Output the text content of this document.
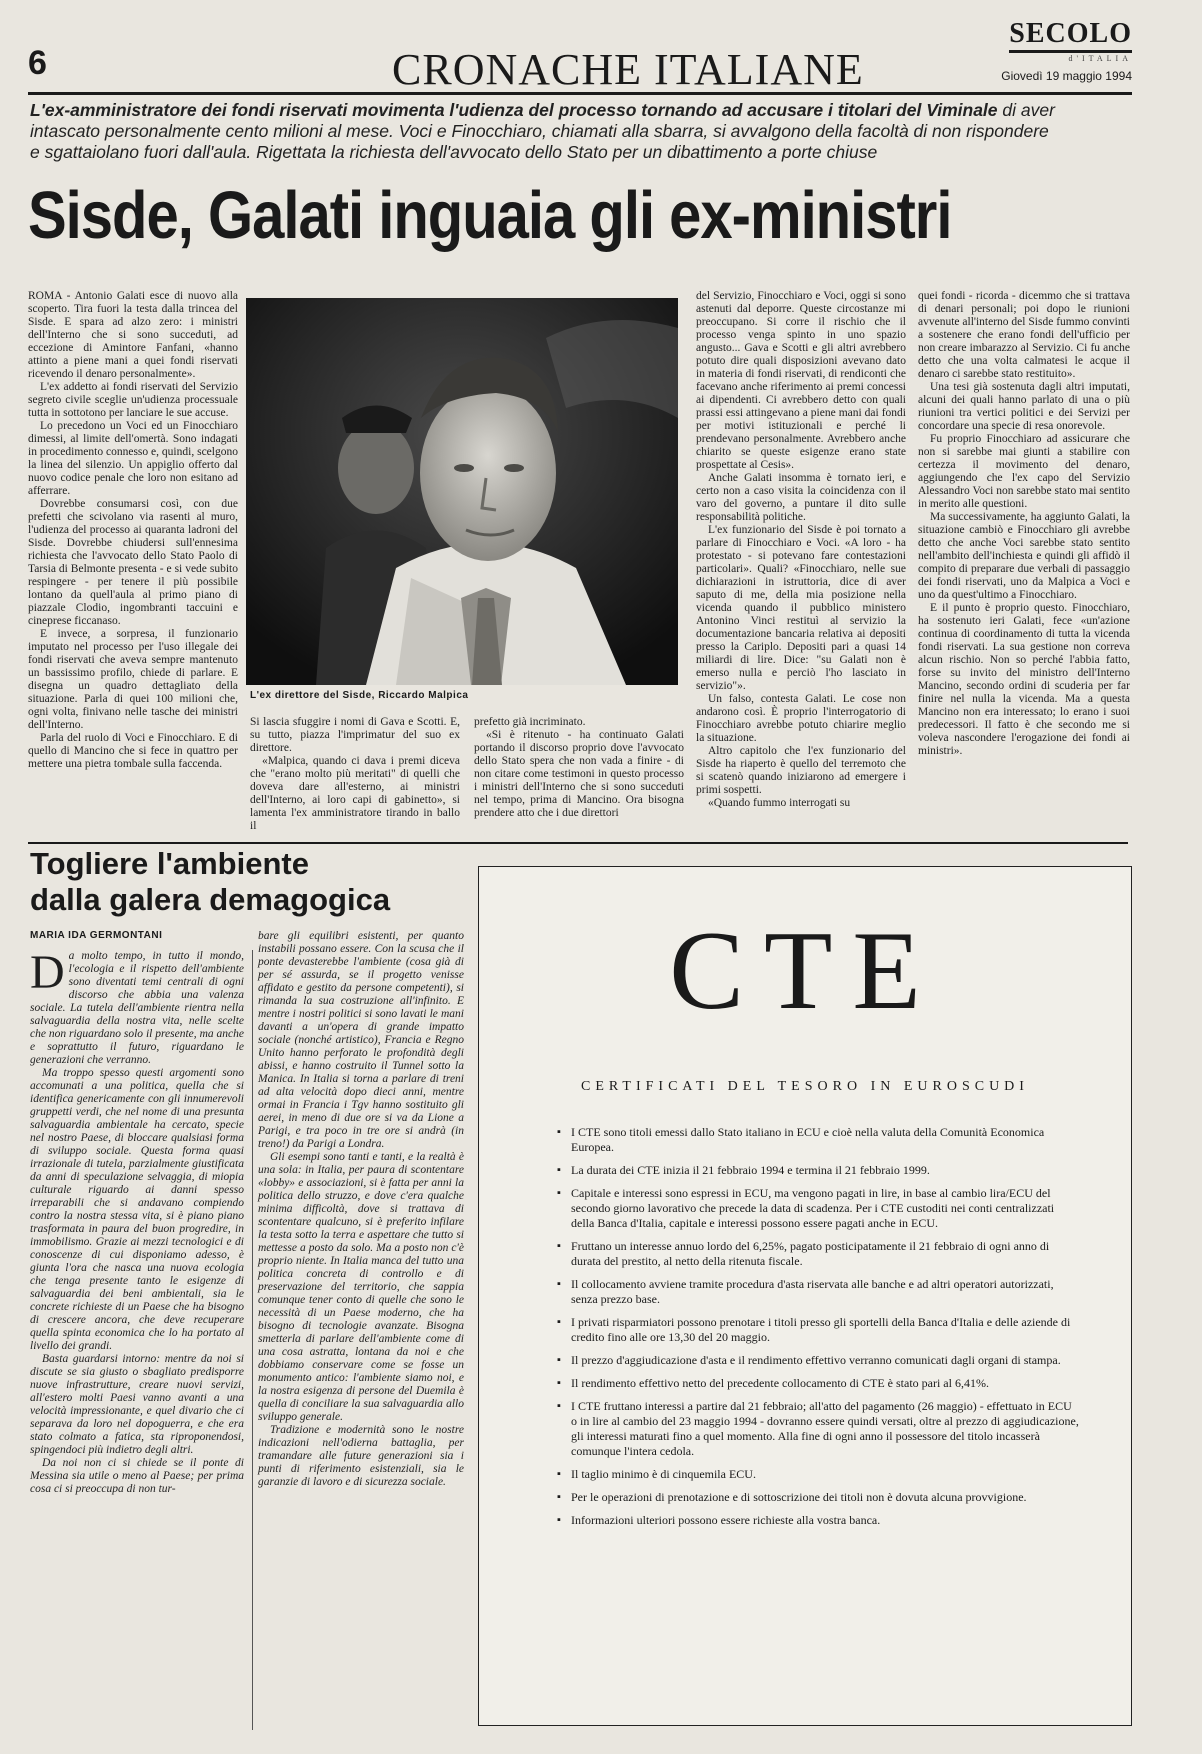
6	CRONACHE ITALIANE
SECOLO
d'ITALIA
Giovedì 19 maggio 1994
L'ex-amministratore dei fondi riservati movimenta l'udienza del processo tornando ad accusare i titolari del Viminale di aver intascato personalmente cento milioni al mese. Voci e Finocchiaro, chiamati alla sbarra, si avvalgono della facoltà di non rispondere e sgattaiolano fuori dall'aula. Rigettata la richiesta dell'avvocato dello Stato per un dibattimento a porte chiuse
Sisde, Galati inguaia gli ex-ministri

ROMA - Antonio Galati esce di nuovo alla scoperto. Tira fuori la testa dalla trincea del Sisde. E spara ad alzo zero: i ministri dell'Interno che si sono succeduti, ad eccezione di Amintore Fanfani, «hanno attinto a piene mani a quei fondi riservati ricevendo il denaro personalmente».

L'ex addetto ai fondi riservati del Servizio segreto civile sceglie un'udienza processuale tutta in sottotono per lanciare le sue accuse.

Lo precedono un Voci ed un Finocchiaro dimessi, al limite dell'omertà. Sono indagati in procedimento connesso e, quindi, scelgono la linea del silenzio. Un appiglio offerto dal nuovo codice penale che loro non esitano ad afferrare.

Dovrebbe consumarsi così, con due prefetti che scivolano via rasenti al muro, l'udienza del processo ai quaranta ladroni del Sisde. Dovrebbe chiudersi sull'ennesima richiesta che l'avvocato dello Stato Paolo di Tarsia di Belmonte presenta - e si vede subito respingere - per tenere il più possibile lontano da quell'aula al primo piano di piazzale Clodio, ingombranti taccuini e cineprese ficcanaso.

E invece, a sorpresa, il funzionario imputato nel processo per l'uso illegale dei fondi riservati che aveva sempre mantenuto un bassissimo profilo, chiede di parlare. E disegna un quadro dettagliato della situazione. Parla di quei 100 milioni che, ogni volta, finivano nelle tasche dei ministri dell'Interno.

Parla del ruolo di Voci e Finocchiaro. E di quello di Mancino che si fece in quattro per mettere una pietra tombale sulla faccenda.

L'ex direttore del Sisde, Riccardo Malpica

Si lascia sfuggire i nomi di Gava e Scotti. E, su tutto, piazza l'imprimatur del suo ex direttore.

«Malpica, quando ci dava i premi diceva che "erano molto più meritati" di quelli che doveva dare all'esterno, ai ministri dell'Interno, ai loro capi di gabinetto», si lamenta l'ex amministratore tirando in ballo il

prefetto già incriminato.

«Si è ritenuto - ha continuato Galati portando il discorso proprio dove l'avvocato dello Stato spera che non vada a finire - di non citare come testimoni in questo processo i ministri dell'Interno che si sono succeduti nel tempo, prima di Mancino. Ora bisogna prendere atto che i due direttori

del Servizio, Finocchiaro e Voci, oggi si sono astenuti dal deporre. Queste circostanze mi preoccupano. Si corre il rischio che il processo venga spinto in uno spazio angusto... Gava e Scotti e gli altri avrebbero potuto dire quali disposizioni avevano dato in materia di fondi riservati, di rendiconti che facevano anche riferimento ai premi concessi ai dipendenti. Ci avrebbero detto con quali prassi essi attingevano a piene mani dai fondi per motivi istituzionali e perché li prendevano personalmente. Avrebbero anche chiarito se queste esigenze erano state prospettate al Cesis».

Anche Galati insomma è tornato ieri, e certo non a caso visita la coincidenza con il varo del governo, a puntare il dito sulle responsabilità politiche.

L'ex funzionario del Sisde è poi tornato a parlare di Finocchiaro e Voci. «A loro - ha protestato - si potevano fare contestazioni particolari». Quali? «Finocchiaro, nelle sue dichiarazioni in istruttoria, dice di aver saputo di me, della mia posizione nella vicenda quando il pubblico ministero Antonino Vinci restituì al servizio la documentazione bancaria relativa ai depositi presso la Cariplo. Depositi pari a quasi 14 miliardi di lire. Dice: "su Galati non è emerso nulla e perciò l'ho lasciato in servizio"».

Un falso, contesta Galati. Le cose non andarono così. È proprio l'interrogatorio di Finocchiaro avrebbe potuto chiarire meglio la situazione.

Altro capitolo che l'ex funzionario del Sisde ha riaperto è quello del terremoto che si scatenò quando iniziarono ad emergere i primi sospetti.

«Quando fummo interrogati su

quei fondi - ricorda - dicemmo che si trattava di denari personali; poi dopo le riunioni avvenute all'interno del Sisde fummo convinti a sostenere che erano fondi dell'ufficio per non creare imbarazzo al Servizio. Ci fu anche detto che una volta calmatesi le acque il denaro ci sarebbe stato restituito».

Una tesi già sostenuta dagli altri imputati, alcuni dei quali hanno parlato di una o più riunioni tra vertici politici e dei Servizi per concordare una specie di resa onorevole.

Fu proprio Finocchiaro ad assicurare che non si sarebbe mai giunti a stabilire con certezza il movimento del denaro, aggiungendo che l'ex capo del Servizio Alessandro Voci non sarebbe stato mai sentito in merito alle questioni.

Ma successivamente, ha aggiunto Galati, la situazione cambiò e Finocchiaro gli avrebbe detto che anche Voci sarebbe stato sentito nell'ambito dell'inchiesta e quindi gli affidò il compito di preparare due verbali di passaggio dei fondi riservati, uno da Malpica a Voci e uno da quest'ultimo a Finocchiaro.

E il punto è proprio questo. Finocchiaro, ha sostenuto ieri Galati, fece «un'azione continua di coordinamento di tutta la vicenda fondi riservati. La sua gestione non correva alcun rischio. Non so perché l'abbia fatto, forse su invito del ministro dell'Interno Mancino, secondo ordini di scuderia per far finire nel nulla la vicenda. Ma a questa Mancino non era interessato; lo erano i suoi predecessori. Il fatto è che secondo me si voleva nascondere l'erogazione dei fondi ai ministri».

Togliere l'ambiente
dalla galera demagogica
MARIA IDA GERMONTANI

Da molto tempo, in tutto il mondo, l'ecologia e il rispetto dell'ambiente sono diventati temi centrali di ogni discorso che abbia una valenza sociale. La tutela dell'ambiente rientra nella salvaguardia della nostra vita, nelle scelte che non riguardano solo il presente, ma anche e soprattutto il futuro, riguardano le generazioni che verranno.

Ma troppo spesso questi argomenti sono accomunati a una politica, quella che si identifica genericamente con gli innumerevoli gruppetti verdi, che nel nome di una presunta salvaguardia ambientale ha cercato, specie nel nostro Paese, di bloccare qualsiasi forma di sviluppo sociale. Questa forma quasi irrazionale di tutela, parzialmente giustificata da anni di speculazione selvaggia, di miopia culturale riguardo ai danni spesso irreparabili che si andavano compiendo contro la nostra stessa vita, si è piano piano trasformata in paura del buon progredire, in immobilismo. Grazie ai mezzi tecnologici e di conoscenze di cui disponiamo adesso, è giunta l'ora che nasca una nuova ecologia che tenga presente tanto le esigenze di salvaguardia dei beni ambientali, sia le concrete richieste di un Paese che ha bisogno di crescere ancora, che deve recuperare quella spinta economica che lo ha portato al livello dei grandi.

Basta guardarsi intorno: mentre da noi si discute se sia giusto o sbagliato predisporre nuove infrastrutture, creare nuovi servizi, all'estero molti Paesi vanno avanti a una velocità impressionante, e quel divario che ci separava da loro nel dopoguerra, e che era stato colmato a fatica, sta riproponendosi, spingendoci più indietro degli altri.

Da noi non ci si chiede se il ponte di Messina sia utile o meno al Paese; per prima cosa ci si preoccupa di non tur-

bare gli equilibri esistenti, per quanto instabili possano essere. Con la scusa che il ponte devasterebbe l'ambiente (cosa già di per sé assurda, se il progetto venisse affidato e gestito da persone competenti), si rimanda la sua costruzione all'infinito. E mentre i nostri politici si sono lavati le mani davanti a un'opera di grande impatto sociale (nonché artistico), Francia e Regno Unito hanno perforato le profondità degli abissi, e hanno costruito il Tunnel sotto la Manica. In Italia si torna a parlare di treni ad alta velocità dopo dieci anni, mentre ormai in Francia i Tgv hanno sostituito gli aerei, in meno di due ore si va da Lione a Parigi, e tra poco in tre ore si andrà (in treno!) da Parigi a Londra.

Gli esempi sono tanti e tanti, e la realtà è una sola: in Italia, per paura di scontentare «lobby» e associazioni, si è fatta per anni la politica dello struzzo, e dove c'era qualche minima difficoltà, dove si trattava di scontentare qualcuno, si è preferito infilare la testa sotto la terra e aspettare che tutto si mettesse a posto da solo. Ma a posto non c'è proprio niente. In Italia manca del tutto una politica concreta di controllo e di preservazione del territorio, che sappia comunque tener conto di quelle che sono le necessità di un Paese moderno, che ha bisogno di tecnologie avanzate. Bisogna smetterla di parlare dell'ambiente come di una cosa astratta, lontana da noi e che dobbiamo conservare come se fosse un monumento antico: l'ambiente siamo noi, e la nostra esigenza di persone del Duemila è quella di conciliare la sua salvaguardia allo sviluppo generale.

Tradizione e modernità sono le nostre indicazioni nell'odierna battaglia, per tramandare alle future generazioni sia i punti di riferimento esistenziali, sia le garanzie di lavoro e di sicurezza sociale.

CTE
CERTIFICATI DEL TESORO IN EUROSCUDI
▪ I CTE sono titoli emessi dallo Stato italiano in ECU e cioè nella valuta della Comunità Economica Europea.
▪ La durata dei CTE inizia il 21 febbraio 1994 e termina il 21 febbraio 1999.
▪ Capitale e interessi sono espressi in ECU, ma vengono pagati in lire, in base al cambio lira/ECU del secondo giorno lavorativo che precede la data di scadenza. Per i CTE custoditi nei conti centralizzati della Banca d'Italia, capitale e interessi possono essere pagati anche in ECU.
▪ Fruttano un interesse annuo lordo del 6,25%, pagato posticipatamente il 21 febbraio di ogni anno di durata del prestito, al netto della ritenuta fiscale.
▪ Il collocamento avviene tramite procedura d'asta riservata alle banche e ad altri operatori autorizzati, senza prezzo base.
▪ I privati risparmiatori possono prenotare i titoli presso gli sportelli della Banca d'Italia e delle aziende di credito fino alle ore 13,30 del 20 maggio.
▪ Il prezzo d'aggiudicazione d'asta e il rendimento effettivo verranno comunicati dagli organi di stampa.
▪ Il rendimento effettivo netto del precedente collocamento di CTE è stato pari al 6,41%.
▪ I CTE fruttano interessi a partire dal 21 febbraio; all'atto del pagamento (26 maggio) - effettuato in ECU o in lire al cambio del 23 maggio 1994 - dovranno essere quindi versati, oltre al prezzo di aggiudicazione, gli interessi maturati fino a quel momento. Alla fine di ogni anno il possessore del titolo incasserà comunque l'intera cedola.
▪ Il taglio minimo è di cinquemila ECU.
▪ Per le operazioni di prenotazione e di sottoscrizione dei titoli non è dovuta alcuna provvigione.
▪ Informazioni ulteriori possono essere richieste alla vostra banca.
